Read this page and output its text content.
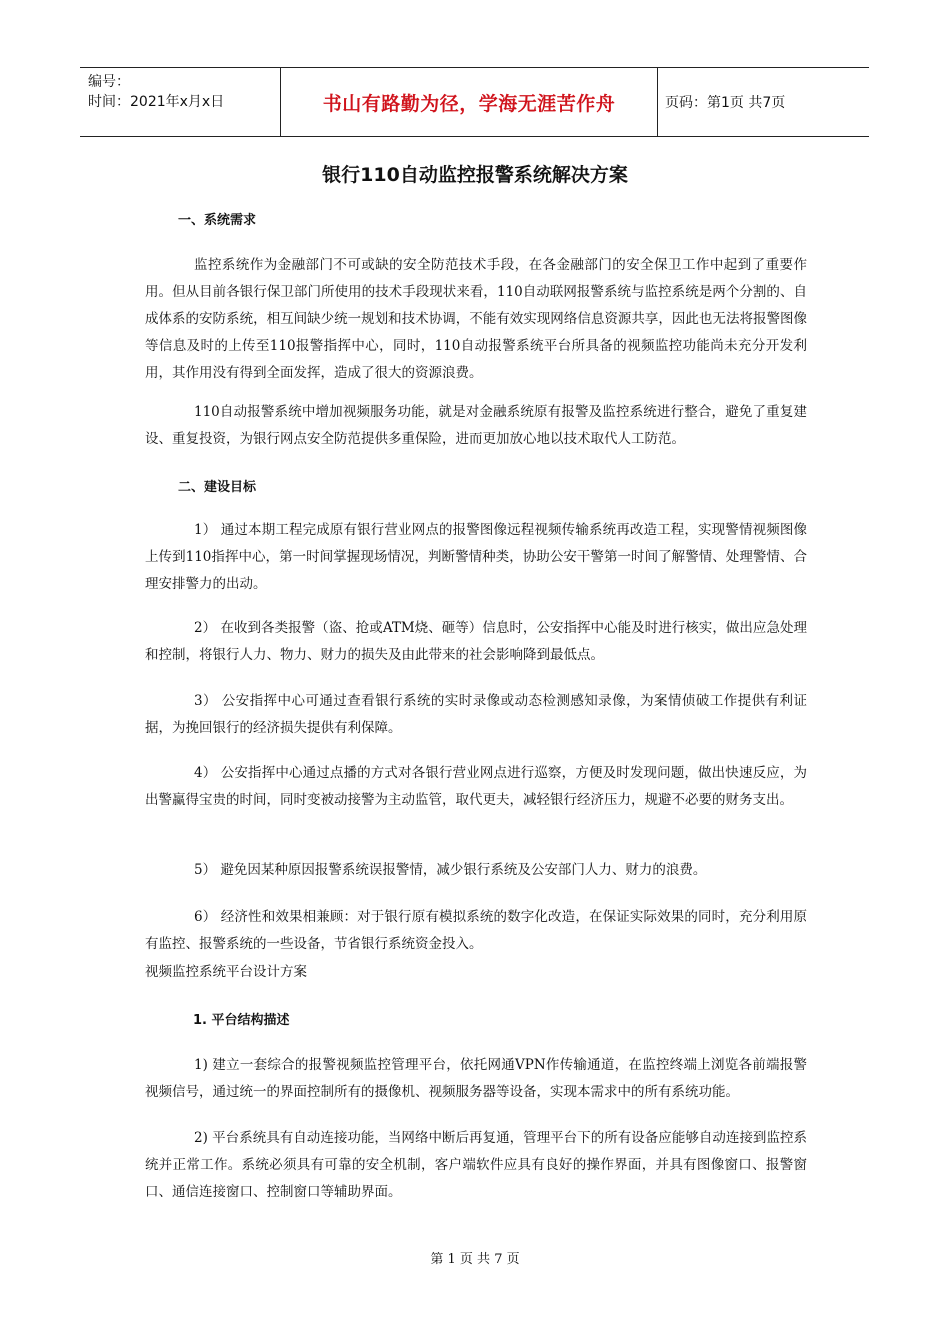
编号：
时间：2021年x月x日	书山有路勤为径，学海无涯苦作舟	页码：第1页 共7页
银行110自动监控报警系统解决方案
一、系统需求

监控系统作为金融部门不可或缺的安全防范技术手段，在各金融部门的安全保卫工作中起到了重要作用。但从目前各银行保卫部门所使用的技术手段现状来看，110自动联网报警系统与监控系统是两个分割的、自成体系的安防系统，相互间缺少统一规划和技术协调，不能有效实现网络信息资源共享，因此也无法将报警图像等信息及时的上传至110报警指挥中心，同时，110自动报警系统平台所具备的视频监控功能尚未充分开发利用，其作用没有得到全面发挥，造成了很大的资源浪费。

110自动报警系统中增加视频服务功能，就是对金融系统原有报警及监控系统进行整合，避免了重复建设、重复投资，为银行网点安全防范提供多重保险，进而更加放心地以技术取代人工防范。

二、建设目标

1） 通过本期工程完成原有银行营业网点的报警图像远程视频传输系统再改造工程，实现警情视频图像上传到110指挥中心，第一时间掌握现场情况，判断警情种类，协助公安干警第一时间了解警情、处理警情、合理安排警力的出动。

2） 在收到各类报警（盗、抢或ATM烧、砸等）信息时，公安指挥中心能及时进行核实，做出应急处理和控制，将银行人力、物力、财力的损失及由此带来的社会影响降到最低点。

3） 公安指挥中心可通过查看银行系统的实时录像或动态检测感知录像，为案情侦破工作提供有利证据，为挽回银行的经济损失提供有利保障。

4） 公安指挥中心通过点播的方式对各银行营业网点进行巡察，方便及时发现问题，做出快速反应，为出警赢得宝贵的时间，同时变被动接警为主动监管，取代更夫，减轻银行经济压力，规避不必要的财务支出。

5） 避免因某种原因报警系统误报警情，减少银行系统及公安部门人力、财力的浪费。

6） 经济性和效果相兼顾：对于银行原有模拟系统的数字化改造，在保证实际效果的同时，充分利用原有监控、报警系统的一些设备，节省银行系统资金投入。

视频监控系统平台设计方案
1. 平台结构描述

1) 建立一套综合的报警视频监控管理平台，依托网通VPN作传输通道，在监控终端上浏览各前端报警视频信号，通过统一的界面控制所有的摄像机、视频服务器等设备，实现本需求中的所有系统功能。

2) 平台系统具有自动连接功能，当网络中断后再复通，管理平台下的所有设备应能够自动连接到监控系统并正常工作。系统必须具有可靠的安全机制，客户端软件应具有良好的操作界面，并具有图像窗口、报警窗口、通信连接窗口、控制窗口等辅助界面。

第 1 页 共 7 页
